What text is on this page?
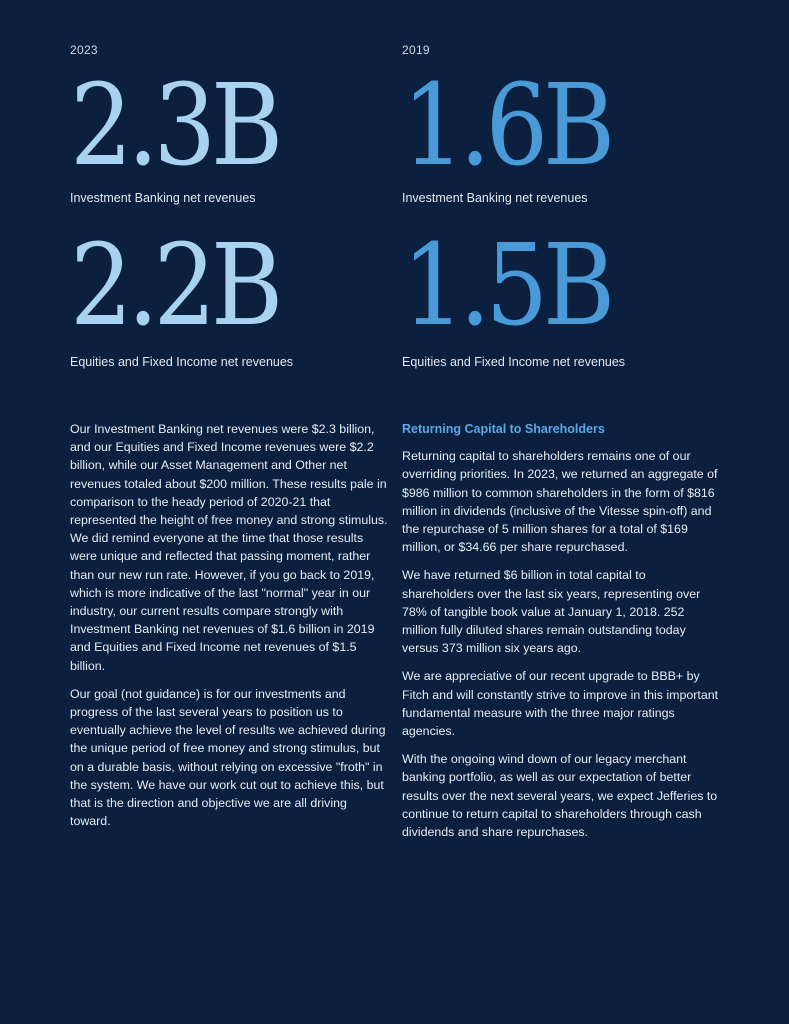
2023
2.3B
Investment Banking net revenues
2.2B
Equities and Fixed Income net revenues
2019
1.6B
Investment Banking net revenues
1.5B
Equities and Fixed Income net revenues

Our Investment Banking net revenues were $2.3 billion, and our Equities and Fixed Income revenues were $2.2 billion, while our Asset Management and Other net revenues totaled about $200 million. These results pale in comparison to the heady period of 2020-21 that represented the height of free money and strong stimulus. We did remind everyone at the time that those results were unique and reflected that passing moment, rather than our new run rate. However, if you go back to 2019, which is more indicative of the last "normal" year in our industry, our current results compare strongly with Investment Banking net revenues of $1.6 billion in 2019 and Equities and Fixed Income net revenues of $1.5 billion.

Our goal (not guidance) is for our investments and progress of the last several years to position us to eventually achieve the level of results we achieved during the unique period of free money and strong stimulus, but on a durable basis, without relying on excessive "froth" in the system. We have our work cut out to achieve this, but that is the direction and objective we are all driving toward.

Returning Capital to Shareholders

Returning capital to shareholders remains one of our overriding priorities. In 2023, we returned an aggregate of $986 million to common shareholders in the form of $816 million in dividends (inclusive of the Vitesse spin-off) and the repurchase of 5 million shares for a total of $169 million, or $34.66 per share repurchased.

We have returned $6 billion in total capital to shareholders over the last six years, representing over 78% of tangible book value at January 1, 2018. 252 million fully diluted shares remain outstanding today versus 373 million six years ago.

We are appreciative of our recent upgrade to BBB+ by Fitch and will constantly strive to improve in this important fundamental measure with the three major ratings agencies.

With the ongoing wind down of our legacy merchant banking portfolio, as well as our expectation of better results over the next several years, we expect Jefferies to continue to return capital to shareholders through cash dividends and share repurchases.
